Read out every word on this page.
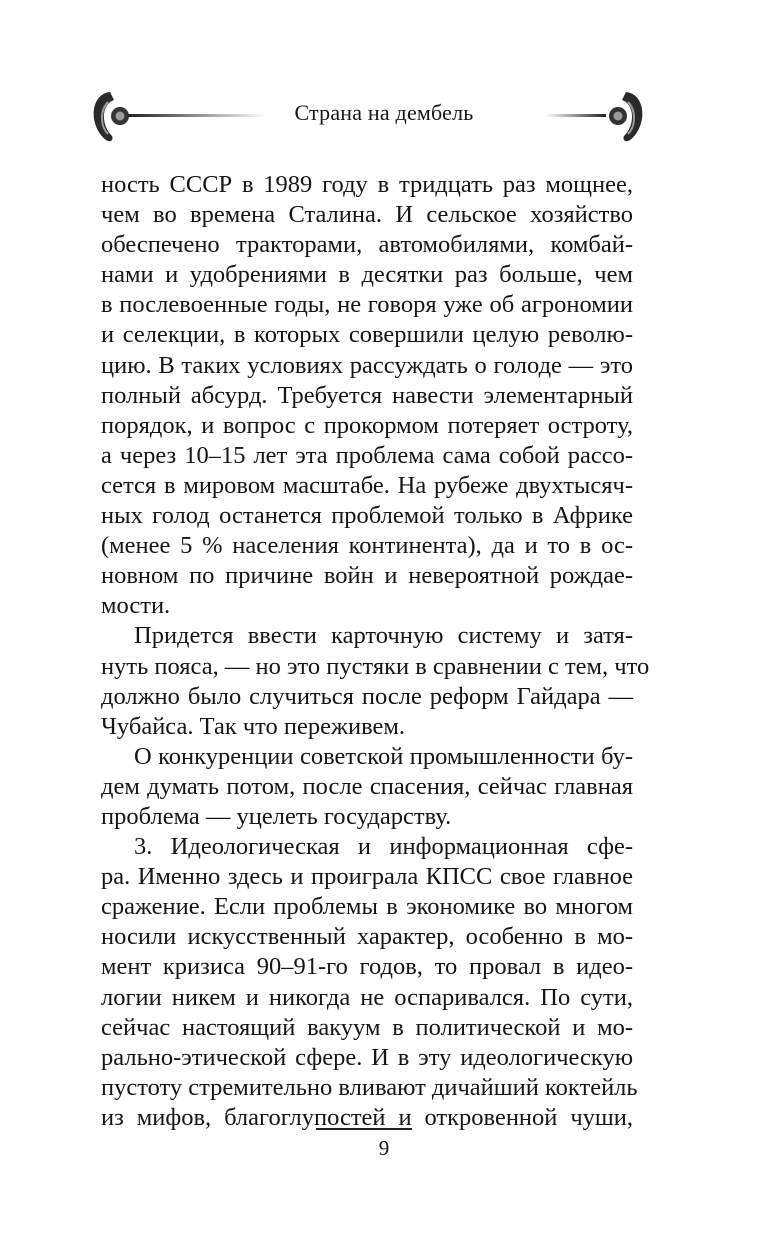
Страна на дембель
ность СССР в 1989 году в тридцать раз мощнее,
чем во времена Сталина. И сельское хозяйство
обеспечено тракторами, автомобилями, комбай-
нами и удобрениями в десятки раз больше, чем
в послевоенные годы, не говоря уже об агрономии
и селекции, в которых совершили целую револю-
цию. В таких условиях рассуждать о голоде — это
полный абсурд. Требуется навести элементарный
порядок, и вопрос с прокормом потеряет остроту,
а через 10–15 лет эта проблема сама собой рассо-
сется в мировом масштабе. На рубеже двухтысяч-
ных голод останется проблемой только в Африке
(менее 5 % населения континента), да и то в ос-
новном по причине войн и невероятной рождае-
мости.
Придется ввести карточную систему и затя-
нуть пояса, — но это пустяки в сравнении с тем, что
должно было случиться после реформ Гайдара —
Чубайса. Так что переживем.
О конкуренции советской промышленности бу-
дем думать потом, после спасения, сейчас главная
проблема — уцелеть государству.
3. Идеологическая и информационная сфе-
ра. Именно здесь и проиграла КПСС свое главное
сражение. Если проблемы в экономике во многом
носили искусственный характер, особенно в мо-
мент кризиса 90–91-го годов, то провал в идео-
логии никем и никогда не оспаривался. По сути,
сейчас настоящий вакуум в политической и мо-
рально-этической сфере. И в эту идеологическую
пустоту стремительно вливают дичайший коктейль
из мифов, благоглупостей и откровенной чуши,
9
